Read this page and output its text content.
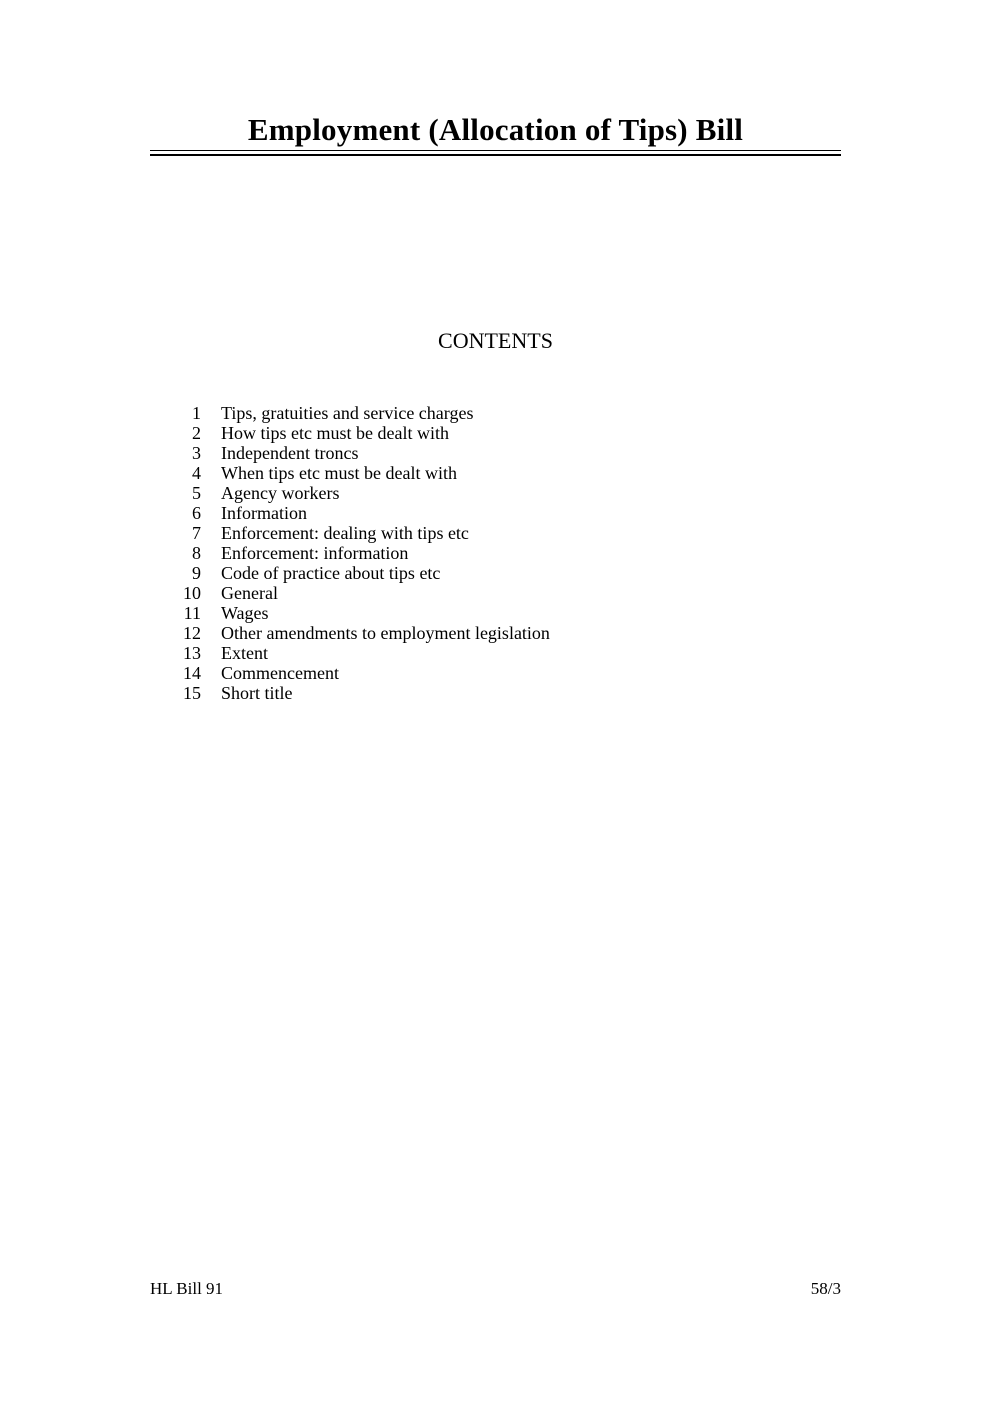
Employment (Allocation of Tips) Bill
CONTENTS
1 Tips, gratuities and service charges
2 How tips etc must be dealt with
3 Independent troncs
4 When tips etc must be dealt with
5 Agency workers
6 Information
7 Enforcement: dealing with tips etc
8 Enforcement: information
9 Code of practice about tips etc
10 General
11 Wages
12 Other amendments to employment legislation
13 Extent
14 Commencement
15 Short title
HL Bill 91	58/3
